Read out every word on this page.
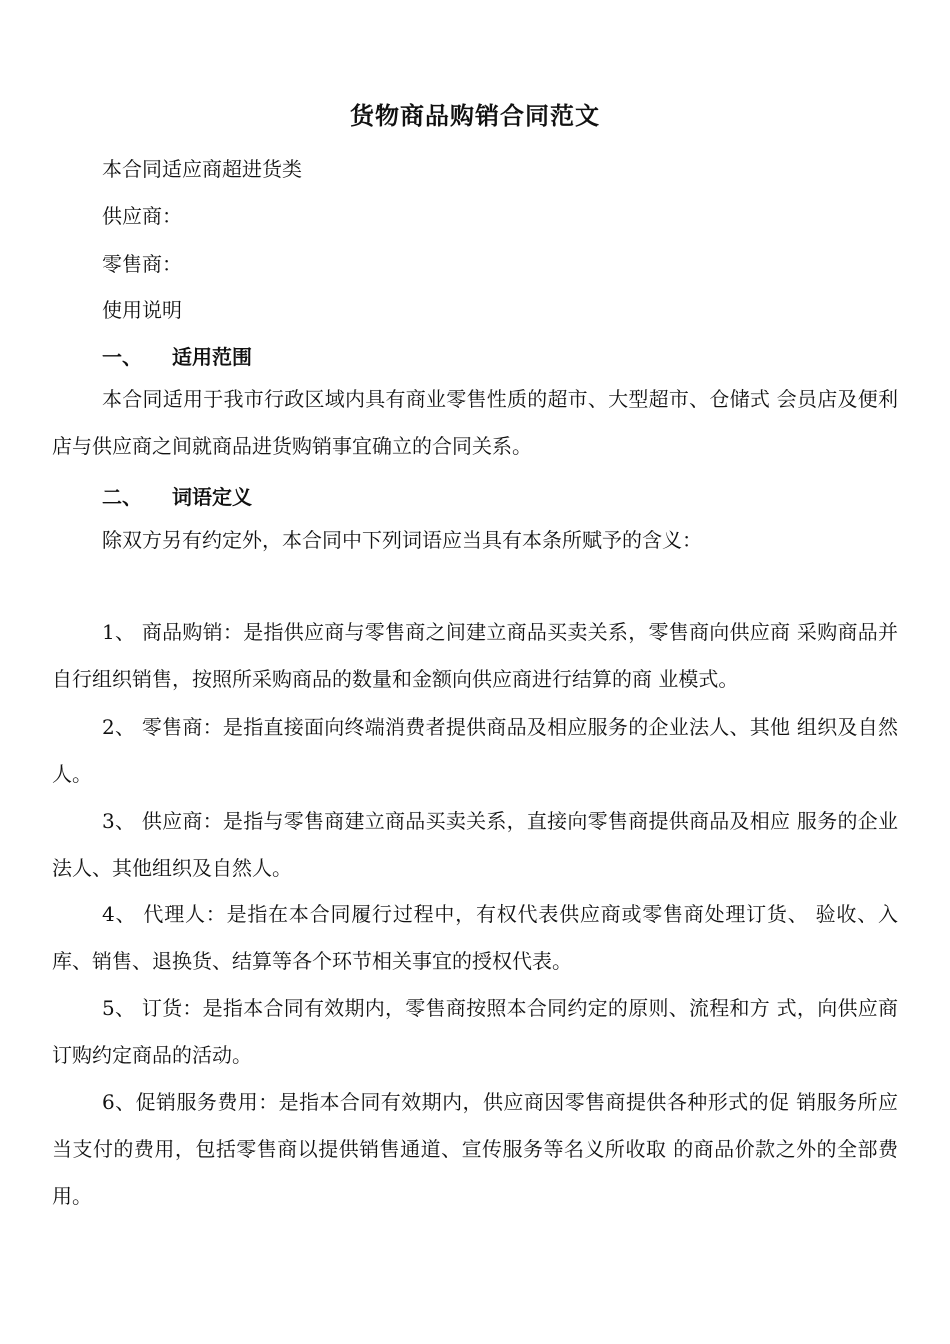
货物商品购销合同范文
本合同适应商超进货类
供应商：
零售商：
使用说明
一、 适用范围
本合同适用于我市行政区域内具有商业零售性质的超市、大型超市、仓储式 会员店及便利店与供应商之间就商品进货购销事宜确立的合同关系。
二、 词语定义
除双方另有约定外，本合同中下列词语应当具有本条所赋予的含义：
1、 商品购销：是指供应商与零售商之间建立商品买卖关系，零售商向供应商 采购商品并自行组织销售，按照所采购商品的数量和金额向供应商进行结算的商 业模式。
2、 零售商：是指直接面向终端消费者提供商品及相应服务的企业法人、其他 组织及自然人。
3、 供应商：是指与零售商建立商品买卖关系，直接向零售商提供商品及相应 服务的企业法人、其他组织及自然人。
4、 代理人：是指在本合同履行过程中，有权代表供应商或零售商处理订货、 验收、入库、销售、退换货、结算等各个环节相关事宜的授权代表。
5、 订货：是指本合同有效期内，零售商按照本合同约定的原则、流程和方 式，向供应商订购约定商品的活动。
6、促销服务费用：是指本合同有效期内，供应商因零售商提供各种形式的促 销服务所应当支付的费用，包括零售商以提供销售通道、宣传服务等名义所收取 的商品价款之外的全部费用。
